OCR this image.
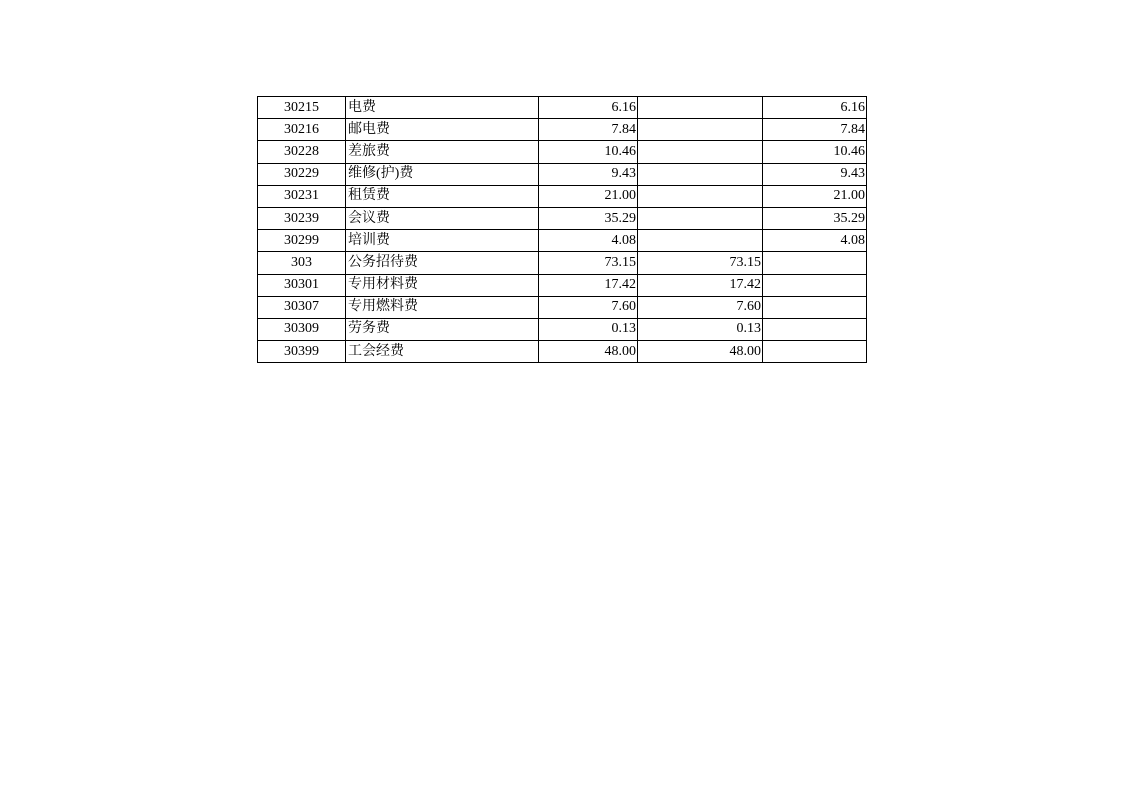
30215	电费	6.16		6.16
30216	邮电费	7.84		7.84
30228	差旅费	10.46		10.46
30229	维修(护)费	9.43		9.43
30231	租赁费	21.00		21.00
30239	会议费	35.29		35.29
30299	培训费	4.08		4.08
303	公务招待费	73.15	73.15	
30301	专用材料费	17.42	17.42	
30307	专用燃料费	7.60	7.60	
30309	劳务费	0.13	0.13	
30399	工会经费	48.00	48.00	
